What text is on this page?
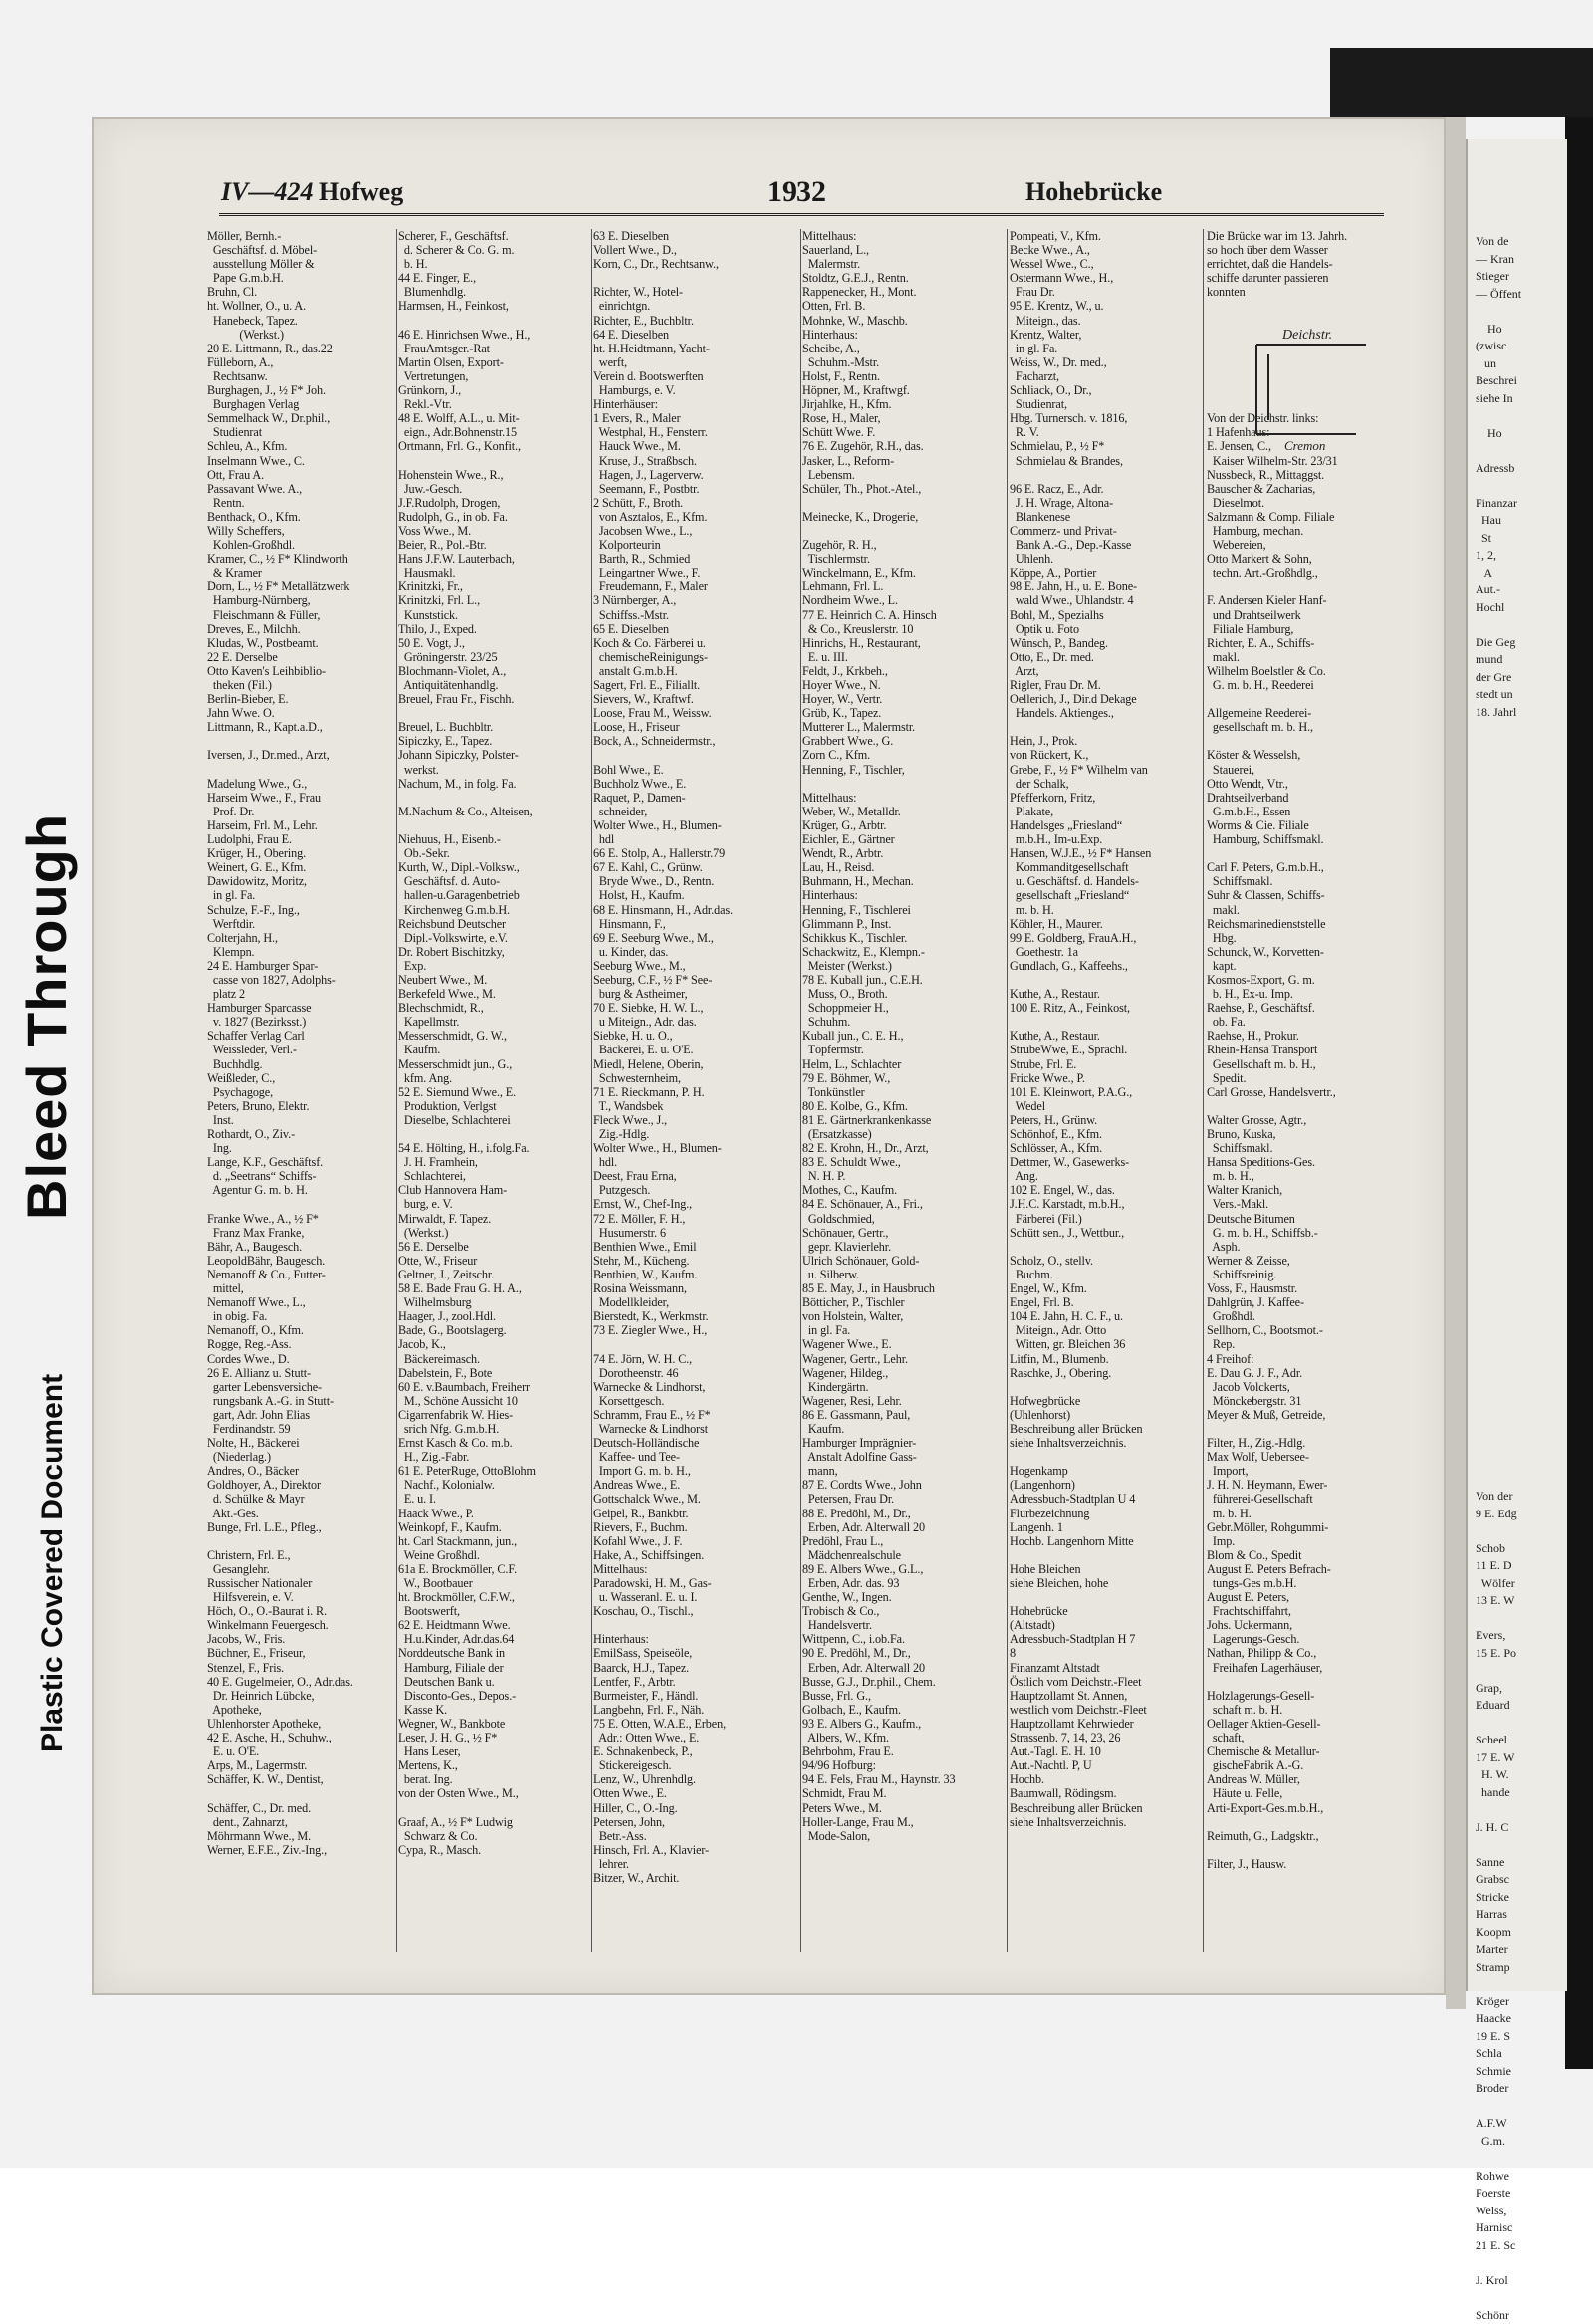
Bleed Through
Plastic Covered Document
Von de
— Kran
Stieger
— Öffent

Ho
(zwisc
un
Beschrei
siehe In

Ho

Adressb

Finanzar
Hau
St
1, 2,
A
Aut.-
Hochl

Die Geg
mund
der Gre
stedt un
18. Jahrl

Von der
9 E. Edg

Schob
11 E. D
Wölfer
13 E. W

Evers,
15 E. Po

Grap,
Eduard

Scheel
17 E. W
H. W.
hande

J. H. C

Sanne
Grabsc
Stricke
Harras
Koopm
Marter
Stramp

Kröger
Haacke
19 E. S
Schla
Schmie
Broder

A.F.W
G.m.

Rohwe
Foerste
Welss,
Harnisc
21 E. Sc

J. Krol

Schönr
IV—424 Hofweg	1932	Hohebrücke
Möller, Bernh.-
Geschäftsf. d. Möbel-
ausstellung Möller &
Pape G.m.b.H.
Bruhn, Cl.
ht. Wollner, O., u. A.
Hanebeck, Tapez.
(Werkst.)
20 E. Littmann, R., das.22
Fülleborn, A.,
Rechtsanw.
Burghagen, J., ½ F* Joh.
Burghagen Verlag
Semmelhack W., Dr.phil.,
Studienrat
Schleu, A., Kfm.
Inselmann Wwe., C.
Ott, Frau A.
Passavant Wwe. A.,
Rentn.
Benthack, O., Kfm.
Willy Scheffers,
Kohlen-Großhdl.
Kramer, C., ½ F* Klindworth
& Kramer
Dorn, L., ½ F* Metallätzwerk
Hamburg-Nürnberg,
Fleischmann & Füller,
Dreves, E., Milchh.
Kludas, W., Postbeamt.
22 E. Derselbe
Otto Kaven's Leihbiblio-
theken (Fil.)
Berlin-Bieber, E.
Jahn Wwe. O.
Littmann, R., Kapt.a.D.,

Iversen, J., Dr.med., Arzt,

Madelung Wwe., G.,
Harseim Wwe., F., Frau
Prof. Dr.
Harseim, Frl. M., Lehr.
Ludolphi, Frau E.
Krüger, H., Obering.
Weinert, G. E., Kfm.
Dawidowitz, Moritz,
in gl. Fa.
Schulze, F.-F., Ing.,
Werftdir.
Colterjahn, H.,
Klempn.
24 E. Hamburger Spar-
casse von 1827, Adolphs-
platz 2
Hamburger Sparcasse
v. 1827 (Bezirksst.)
Schaffer Verlag Carl
Weissleder, Verl.-
Buchhdlg.
Weißleder, C.,
Psychagoge,
Peters, Bruno, Elektr.
Inst.
Rothardt, O., Ziv.-
Ing.
Lange, K.F., Geschäftsf.
d. „Seetrans“ Schiffs-
Agentur G. m. b. H.

Franke Wwe., A., ½ F*
Franz Max Franke,
Bähr, A., Baugesch.
LeopoldBähr, Baugesch.
Nemanoff & Co., Futter-
mittel,
Nemanoff Wwe., L.,
in obig. Fa.
Nemanoff, O., Kfm.
Rogge, Reg.-Ass.
Cordes Wwe., D.
26 E. Allianz u. Stutt-
garter Lebensversiche-
rungsbank A.-G. in Stutt-
gart, Adr. John Elias
Ferdinandstr. 59
Nolte, H., Bäckerei
(Niederlag.)
Andres, O., Bäcker
Goldhoyer, A., Direktor
d. Schülke & Mayr
Akt.-Ges.
Bunge, Frl. L.E., Pfleg.,

Christern, Frl. E.,
Gesanglehr.
Russischer Nationaler
Hilfsverein, e. V.
Höch, O., O.-Baurat i. R.
Winkelmann Feuergesch.
Jacobs, W., Fris.
Büchner, E., Friseur,
Stenzel, F., Fris.
40 E. Gugelmeier, O., Adr.das.
Dr. Heinrich Lübcke,
Apotheke,
Uhlenhorster Apotheke,
42 E. Asche, H., Schuhw.,
E. u. O'E.
Arps, M., Lagermstr.
Schäffer, K. W., Dentist,

Schäffer, C., Dr. med.
dent., Zahnarzt,
Möhrmann Wwe., M.
Werner, E.F.E., Ziv.-Ing.,
Scherer, F., Geschäftsf.
d. Scherer & Co. G. m.
b. H.
44 E. Finger, E.,
Blumenhdlg.
Harmsen, H., Feinkost,

46 E. Hinrichsen Wwe., H.,
FrauAmtsger.-Rat
Martin Olsen, Export-
Vertretungen,
Grünkorn, J.,
Rekl.-Vtr.
48 E. Wolff, A.L., u. Mit-
eign., Adr.Bohnenstr.15
Ortmann, Frl. G., Konfit.,

Hohenstein Wwe., R.,
Juw.-Gesch.
J.F.Rudolph, Drogen,
Rudolph, G., in ob. Fa.
Voss Wwe., M.
Beier, R., Pol.-Btr.
Hans J.F.W. Lauterbach,
Hausmakl.
Krinitzki, Fr.,
Krinitzki, Frl. L.,
Kunststick.
Thilo, J., Exped.
50 E. Vogt, J.,
Gröningerstr. 23/25
Blochmann-Violet, A.,
Antiquitätenhandlg.
Breuel, Frau Fr., Fischh.

Breuel, L. Buchbltr.
Sipiczky, E., Tapez.
Johann Sipiczky, Polster-
werkst.
Nachum, M., in folg. Fa.

M.Nachum & Co., Alteisen,

Niehuus, H., Eisenb.-
Ob.-Sekr.
Kurth, W., Dipl.-Volksw.,
Geschäftsf. d. Auto-
hallen-u.Garagenbetrieb
Kirchenweg G.m.b.H.
Reichsbund Deutscher
Dipl.-Volkswirte, e.V.
Dr. Robert Bischitzky,
Exp.
Neubert Wwe., M.
Berkefeld Wwe., M.
Blechschmidt, R.,
Kapellmstr.
Messerschmidt, G. W.,
Kaufm.
Messerschmidt jun., G.,
kfm. Ang.
52 E. Siemund Wwe., E.
Produktion, Verlgst
Dieselbe, Schlachterei

54 E. Hölting, H., i.folg.Fa.
J. H. Framhein,
Schlachterei,
Club Hannovera Ham-
burg, e. V.
Mirwaldt, F. Tapez.
(Werkst.)
56 E. Derselbe
Otte, W., Friseur
Geltner, J., Zeitschr.
58 E. Bade Frau G. H. A.,
Wilhelmsburg
Haager, J., zool.Hdl.
Bade, G., Bootslagerg.
Jacob, K.,
Bäckereimasch.
Dabelstein, F., Bote
60 E. v.Baumbach, Freiherr
M., Schöne Aussicht 10
Cigarrenfabrik W. Hies-
srich Nfg. G.m.b.H.
Ernst Kasch & Co. m.b.
H., Zig.-Fabr.
61 E. PeterRuge, OttoBlohm
Nachf., Kolonialw.
E. u. I.
Haack Wwe., P.
Weinkopf, F., Kaufm.
ht. Carl Stackmann, jun.,
Weine Großhdl.
61a E. Brockmöller, C.F.
W., Bootbauer
ht. Brockmöller, C.F.W.,
Bootswerft,
62 E. Heidtmann Wwe.
H.u.Kinder, Adr.das.64
Norddeutsche Bank in
Hamburg, Filiale der
Deutschen Bank u.
Disconto-Ges., Depos.-
Kasse K.
Wegner, W., Bankbote
Leser, J. H. G., ½ F*
Hans Leser,
Mertens, K.,
berat. Ing.
von der Osten Wwe., M.,

Graaf, A., ½ F* Ludwig
Schwarz & Co.
Cypa, R., Masch.
63 E. Dieselben
Vollert Wwe., D.,
Korn, C., Dr., Rechtsanw.,

Richter, W., Hotel-
einrichtgn.
Richter, E., Buchbltr.
64 E. Dieselben
ht. H.Heidtmann, Yacht-
werft,
Verein d. Bootswerften
Hamburgs, e. V.
Hinterhäuser:
1 Evers, R., Maler
Westphal, H., Fensterr.
Hauck Wwe., M.
Kruse, J., Straßbsch.
Hagen, J., Lagerverw.
Seemann, F., Postbtr.
2 Schütt, F., Broth.
von Asztalos, E., Kfm.
Jacobsen Wwe., L.,
Kolporteurin
Barth, R., Schmied
Leingartner Wwe., F.
Freudemann, F., Maler
3 Nürnberger, A.,
Schiffss.-Mstr.
65 E. Dieselben
Koch & Co. Färberei u.
chemischeReinigungs-
anstalt G.m.b.H.
Sagert, Frl. E., Filiallt.
Sievers, W., Kraftwf.
Loose, Frau M., Weissw.
Loose, H., Friseur
Bock, A., Schneidermstr.,

Bohl Wwe., E.
Buchholz Wwe., E.
Raquet, P., Damen-
schneider,
Wolter Wwe., H., Blumen-
hdl
66 E. Stolp, A., Hallerstr.79
67 E. Kahl, C., Grünw.
Bryde Wwe., D., Rentn.
Holst, H., Kaufm.
68 E. Hinsmann, H., Adr.das.
Hinsmann, F.,
69 E. Seeburg Wwe., M.,
u. Kinder, das.
Seeburg Wwe., M.,
Seeburg, C.F., ½ F* See-
burg & Astheimer,
70 E. Siebke, H. W. L.,
u Miteign., Adr. das.
Siebke, H. u. O.,
Bäckerei, E. u. O'E.
Miedl, Helene, Oberin,
Schwesternheim,
71 E. Rieckmann, P. H.
T., Wandsbek
Fleck Wwe., J.,
Zig.-Hdlg.
Wolter Wwe., H., Blumen-
hdl.
Deest, Frau Erna,
Putzgesch.
Ernst, W., Chef-Ing.,
72 E. Möller, F. H.,
Husumerstr. 6
Benthien Wwe., Emil
Stehr, M., Kücheng.
Benthien, W., Kaufm.
Rosina Weissmann,
Modellkleider,
Bierstedt, K., Werkmstr.
73 E. Ziegler Wwe., H.,

74 E. Jörn, W. H. C.,
Dorotheenstr. 46
Warnecke & Lindhorst,
Korsettgesch.
Schramm, Frau E., ½ F*
Warnecke & Lindhorst
Deutsch-Holländische
Kaffee- und Tee-
Import G. m. b. H.,
Andreas Wwe., E.
Gottschalck Wwe., M.
Geipel, R., Bankbtr.
Rievers, F., Buchm.
Kofahl Wwe., J. F.
Hake, A., Schiffsingen.
Mittelhaus:
Paradowski, H. M., Gas-
u. Wasseranl. E. u. I.
Koschau, O., Tischl.,

Hinterhaus:
EmilSass, Speiseöle,
Baarck, H.J., Tapez.
Lentfer, F., Arbtr.
Burmeister, F., Händl.
Langbehn, Frl. F., Näh.
75 E. Otten, W.A.E., Erben,
Adr.: Otten Wwe., E.
E. Schnakenbeck, P.,
Stickereigesch.
Lenz, W., Uhrenhdlg.
Otten Wwe., E.
Hiller, C., O.-Ing.
Petersen, John,
Betr.-Ass.
Hinsch, Frl. A., Klavier-
lehrer.
Bitzer, W., Archit.
Mittelhaus:
Sauerland, L.,
Malermstr.
Stoldtz, G.E.J., Rentn.
Rappenecker, H., Mont.
Otten, Frl. B.
Mohnke, W., Maschb.
Hinterhaus:
Scheibe, A.,
Schuhm.-Mstr.
Holst, F., Rentn.
Höpner, M., Kraftwgf.
Jirjahlke, H., Kfm.
Rose, H., Maler,
Schütt Wwe. F.
76 E. Zugehör, R.H., das.
Jasker, L., Reform-
Lebensm.
Schüler, Th., Phot.-Atel.,

Meinecke, K., Drogerie,

Zugehör, R. H.,
Tischlermstr.
Winckelmann, E., Kfm.
Lehmann, Frl. L.
Nordheim Wwe., L.
77 E. Heinrich C. A. Hinsch
& Co., Kreuslerstr. 10
Hinrichs, H., Restaurant,
E. u. III.
Feldt, J., Krkbeh.,
Hoyer Wwe., N.
Hoyer, W., Vertr.
Grüb, K., Tapez.
Mutterer L., Malermstr.
Grabbert Wwe., G.
Zorn C., Kfm.
Henning, F., Tischler,

Mittelhaus:
Weber, W., Metalldr.
Krüger, G., Arbtr.
Eichler, E., Gärtner
Wendt, R., Arbtr.
Lau, H., Reisd.
Buhmann, H., Mechan.
Hinterhaus:
Henning, F., Tischlerei
Glimmann P., Inst.
Schikkus K., Tischler.
Schackwitz, E., Klempn.-
Meister (Werkst.)
78 E. Kuball jun., C.E.H.
Muss, O., Broth.
Schoppmeier H.,
Schuhm.
Kuball jun., C. E. H.,
Töpfermstr.
Helm, L., Schlachter
79 E. Böhmer, W.,
Tonkünstler
80 E. Kolbe, G., Kfm.
81 E. Gärtnerkrankenkasse
(Ersatzkasse)
82 E. Krohn, H., Dr., Arzt,
83 E. Schuldt Wwe.,
N. H. P.
Mothes, C., Kaufm.
84 E. Schönauer, A., Fri.,
Goldschmied,
Schönauer, Gertr.,
gepr. Klavierlehr.
Ulrich Schönauer, Gold-
u. Silberw.
85 E. May, J., in Hausbruch
Bötticher, P., Tischler
von Holstein, Walter,
in gl. Fa.
Wagener Wwe., E.
Wagener, Gertr., Lehr.
Wagener, Hildeg.,
Kindergärtn.
Wagener, Resi, Lehr.
86 E. Gassmann, Paul,
Kaufm.
Hamburger Imprägnier-
Anstalt Adolfine Gass-
mann,
87 E. Cordts Wwe., John
Petersen, Frau Dr.
88 E. Predöhl, M., Dr.,
Erben, Adr. Alterwall 20
Predöhl, Frau L.,
Mädchenrealschule
89 E. Albers Wwe., G.L.,
Erben, Adr. das. 93
Genthe, W., Ingen.
Trobisch & Co.,
Handelsvertr.
Wittpenn, C., i.ob.Fa.
90 E. Predöhl, M., Dr.,
Erben, Adr. Alterwall 20
Busse, G.J., Dr.phil., Chem.
Busse, Frl. G.,
Golbach, E., Kaufm.
93 E. Albers G., Kaufm.,
Albers, W., Kfm.
Behrbohm, Frau E.
94/96 Hofburg:
94 E. Fels, Frau M., Haynstr. 33
Schmidt, Frau M.
Peters Wwe., M.
Holler-Lange, Frau M.,
Mode-Salon,
Pompeati, V., Kfm.
Becke Wwe., A.,
Wessel Wwe., C.,
Ostermann Wwe., H.,
Frau Dr.
95 E. Krentz, W., u.
Miteign., das.
Krentz, Walter,
in gl. Fa.
Weiss, W., Dr. med.,
Facharzt,
Schliack, O., Dr.,
Studienrat,
Hbg. Turnersch. v. 1816,
R. V.
Schmielau, P., ½ F*
Schmielau & Brandes,

96 E. Racz, E., Adr.
J. H. Wrage, Altona-
Blankenese
Commerz- und Privat-
Bank A.-G., Dep.-Kasse
Uhlenh.
Köppe, A., Portier
98 E. Jahn, H., u. E. Bone-
wald Wwe., Uhlandstr. 4
Bohl, M., Spezialhs
Optik u. Foto
Wünsch, P., Bandeg.
Otto, E., Dr. med.
Arzt,
Rigler, Frau Dr. M.
Oellerich, J., Dir.d Dekage
Handels. Aktienges.,

Hein, J., Prok.
von Rückert, K.,
Grebe, F., ½ F* Wilhelm van
der Schalk,
Pfefferkorn, Fritz,
Plakate,
Handelsges „Friesland“
m.b.H., Im-u.Exp.
Hansen, W.J.E., ½ F* Hansen
Kommanditgesellschaft
u. Geschäftsf. d. Handels-
gesellschaft „Friesland“
m. b. H.
Köhler, H., Maurer.
99 E. Goldberg, FrauA.H.,
Goethestr. 1a
Gundlach, G., Kaffeehs.,

Kuthe, A., Restaur.
100 E. Ritz, A., Feinkost,

Kuthe, A., Restaur.
StrubeWwe, E., Sprachl.
Strube, Frl. E.
Fricke Wwe., P.
101 E. Kleinwort, P.A.G.,
Wedel
Peters, H., Grünw.
Schönhof, E., Kfm.
Schlösser, A., Kfm.
Dettmer, W., Gasewerks-
Ang.
102 E. Engel, W., das.
J.H.C. Karstadt, m.b.H.,
Färberei (Fil.)
Schütt sen., J., Wettbur.,

Scholz, O., stellv.
Buchm.
Engel, W., Kfm.
Engel, Frl. B.
104 E. Jahn, H. C. F., u.
Miteign., Adr. Otto
Witten, gr. Bleichen 36
Litfin, M., Blumenb.
Raschke, J., Obering.

Hofwegbrücke
(Uhlenhorst)
Beschreibung aller Brücken
siehe Inhaltsverzeichnis.

Hogenkamp
(Langenhorn)
Adressbuch-Stadtplan U 4
Flurbezeichnung
Langenh. 1
Hochb. Langenhorn Mitte

Hohe Bleichen
siehe Bleichen, hohe

Hohebrücke
(Altstadt)
Adressbuch-Stadtplan H 7
8
Finanzamt Altstadt
Östlich vom Deichstr.-Fleet
Hauptzollamt St. Annen,
westlich vom Deichstr.-Fleet
Hauptzollamt Kehrwieder
Strassenb. 7, 14, 23, 26
Aut.-Tagl. E. H. 10
Aut.-Nachtl. P, U
Hochb.
Baumwall, Rödingsm.
Beschreibung aller Brücken
siehe Inhaltsverzeichnis.
Die Brücke war im 13. Jahrh.
so hoch über dem Wasser
errichtet, daß die Handels-
schiffe darunter passieren
konnten

Von der Deichstr. links:
1 Hafenhaus:
E. Jensen, C.,
Kaiser Wilhelm-Str. 23/31
Nussbeck, R., Mittaggst.
Bauscher & Zacharias,
Dieselmot.
Salzmann & Comp. Filiale
Hamburg, mechan.
Webereien,
Otto Markert & Sohn,
techn. Art.-Großhdlg.,

F. Andersen Kieler Hanf-
und Drahtseilwerk
Filiale Hamburg,
Richter, E. A., Schiffs-
makl.
Wilhelm Boelstler & Co.
G. m. b. H., Reederei

Allgemeine Reederei-
gesellschaft m. b. H.,

Köster & Wesselsh,
Stauerei,
Otto Wendt, Vtr.,
Drahtseilverband
G.m.b.H., Essen
Worms & Cie. Filiale
Hamburg, Schiffsmakl.

Carl F. Peters, G.m.b.H.,
Schiffsmakl.
Suhr & Classen, Schiffs-
makl.
Reichsmarinedienststelle
Hbg.
Schunck, W., Korvetten-
kapt.
Kosmos-Export, G. m.
b. H., Ex-u. Imp.
Raehse, P., Geschäftsf.
ob. Fa.
Raehse, H., Prokur.
Rhein-Hansa Transport
Gesellschaft m. b. H.,
Spedit.
Carl Grosse, Handelsvertr.,

Walter Grosse, Agtr.,
Bruno, Kuska,
Schiffsmakl.
Hansa Speditions-Ges.
m. b. H.,
Walter Kranich,
Vers.-Makl.
Deutsche Bitumen
G. m. b. H., Schiffsb.-
Asph.
Werner & Zeisse,
Schiffsreinig.
Voss, F., Hausmstr.
Dahlgrün, J. Kaffee-
Großhdl.
Sellhorn, C., Bootsmot.-
Rep.
4 Freihof:
E. Dau G. J. F., Adr.
Jacob Volckerts,
Mönckebergstr. 31
Meyer & Muß, Getreide,

Filter, H., Zig.-Hdlg.
Max Wolf, Uebersee-
Import,
J. H. N. Heymann, Ewer-
führerei-Gesellschaft
m. b. H.
Gebr.Möller, Rohgummi-
Imp.
Blom & Co., Spedit
August E. Peters Befrach-
tungs-Ges m.b.H.
August E. Peters,
Frachtschiffahrt,
Johs. Uckermann,
Lagerungs-Gesch.
Nathan, Philipp & Co.,
Freihafen Lagerhäuser,

Holzlagerungs-Gesell-
schaft m. b. H.
Oellager Aktien-Gesell-
schaft,
Chemische & Metallur-
gischeFabrik A.-G.
Andreas W. Müller,
Häute u. Felle,
Arti-Export-Ges.m.b.H.,

Reimuth, G., Ladgsktr.,

Filter, J., Hausw.
Deichstr.
Cremon
